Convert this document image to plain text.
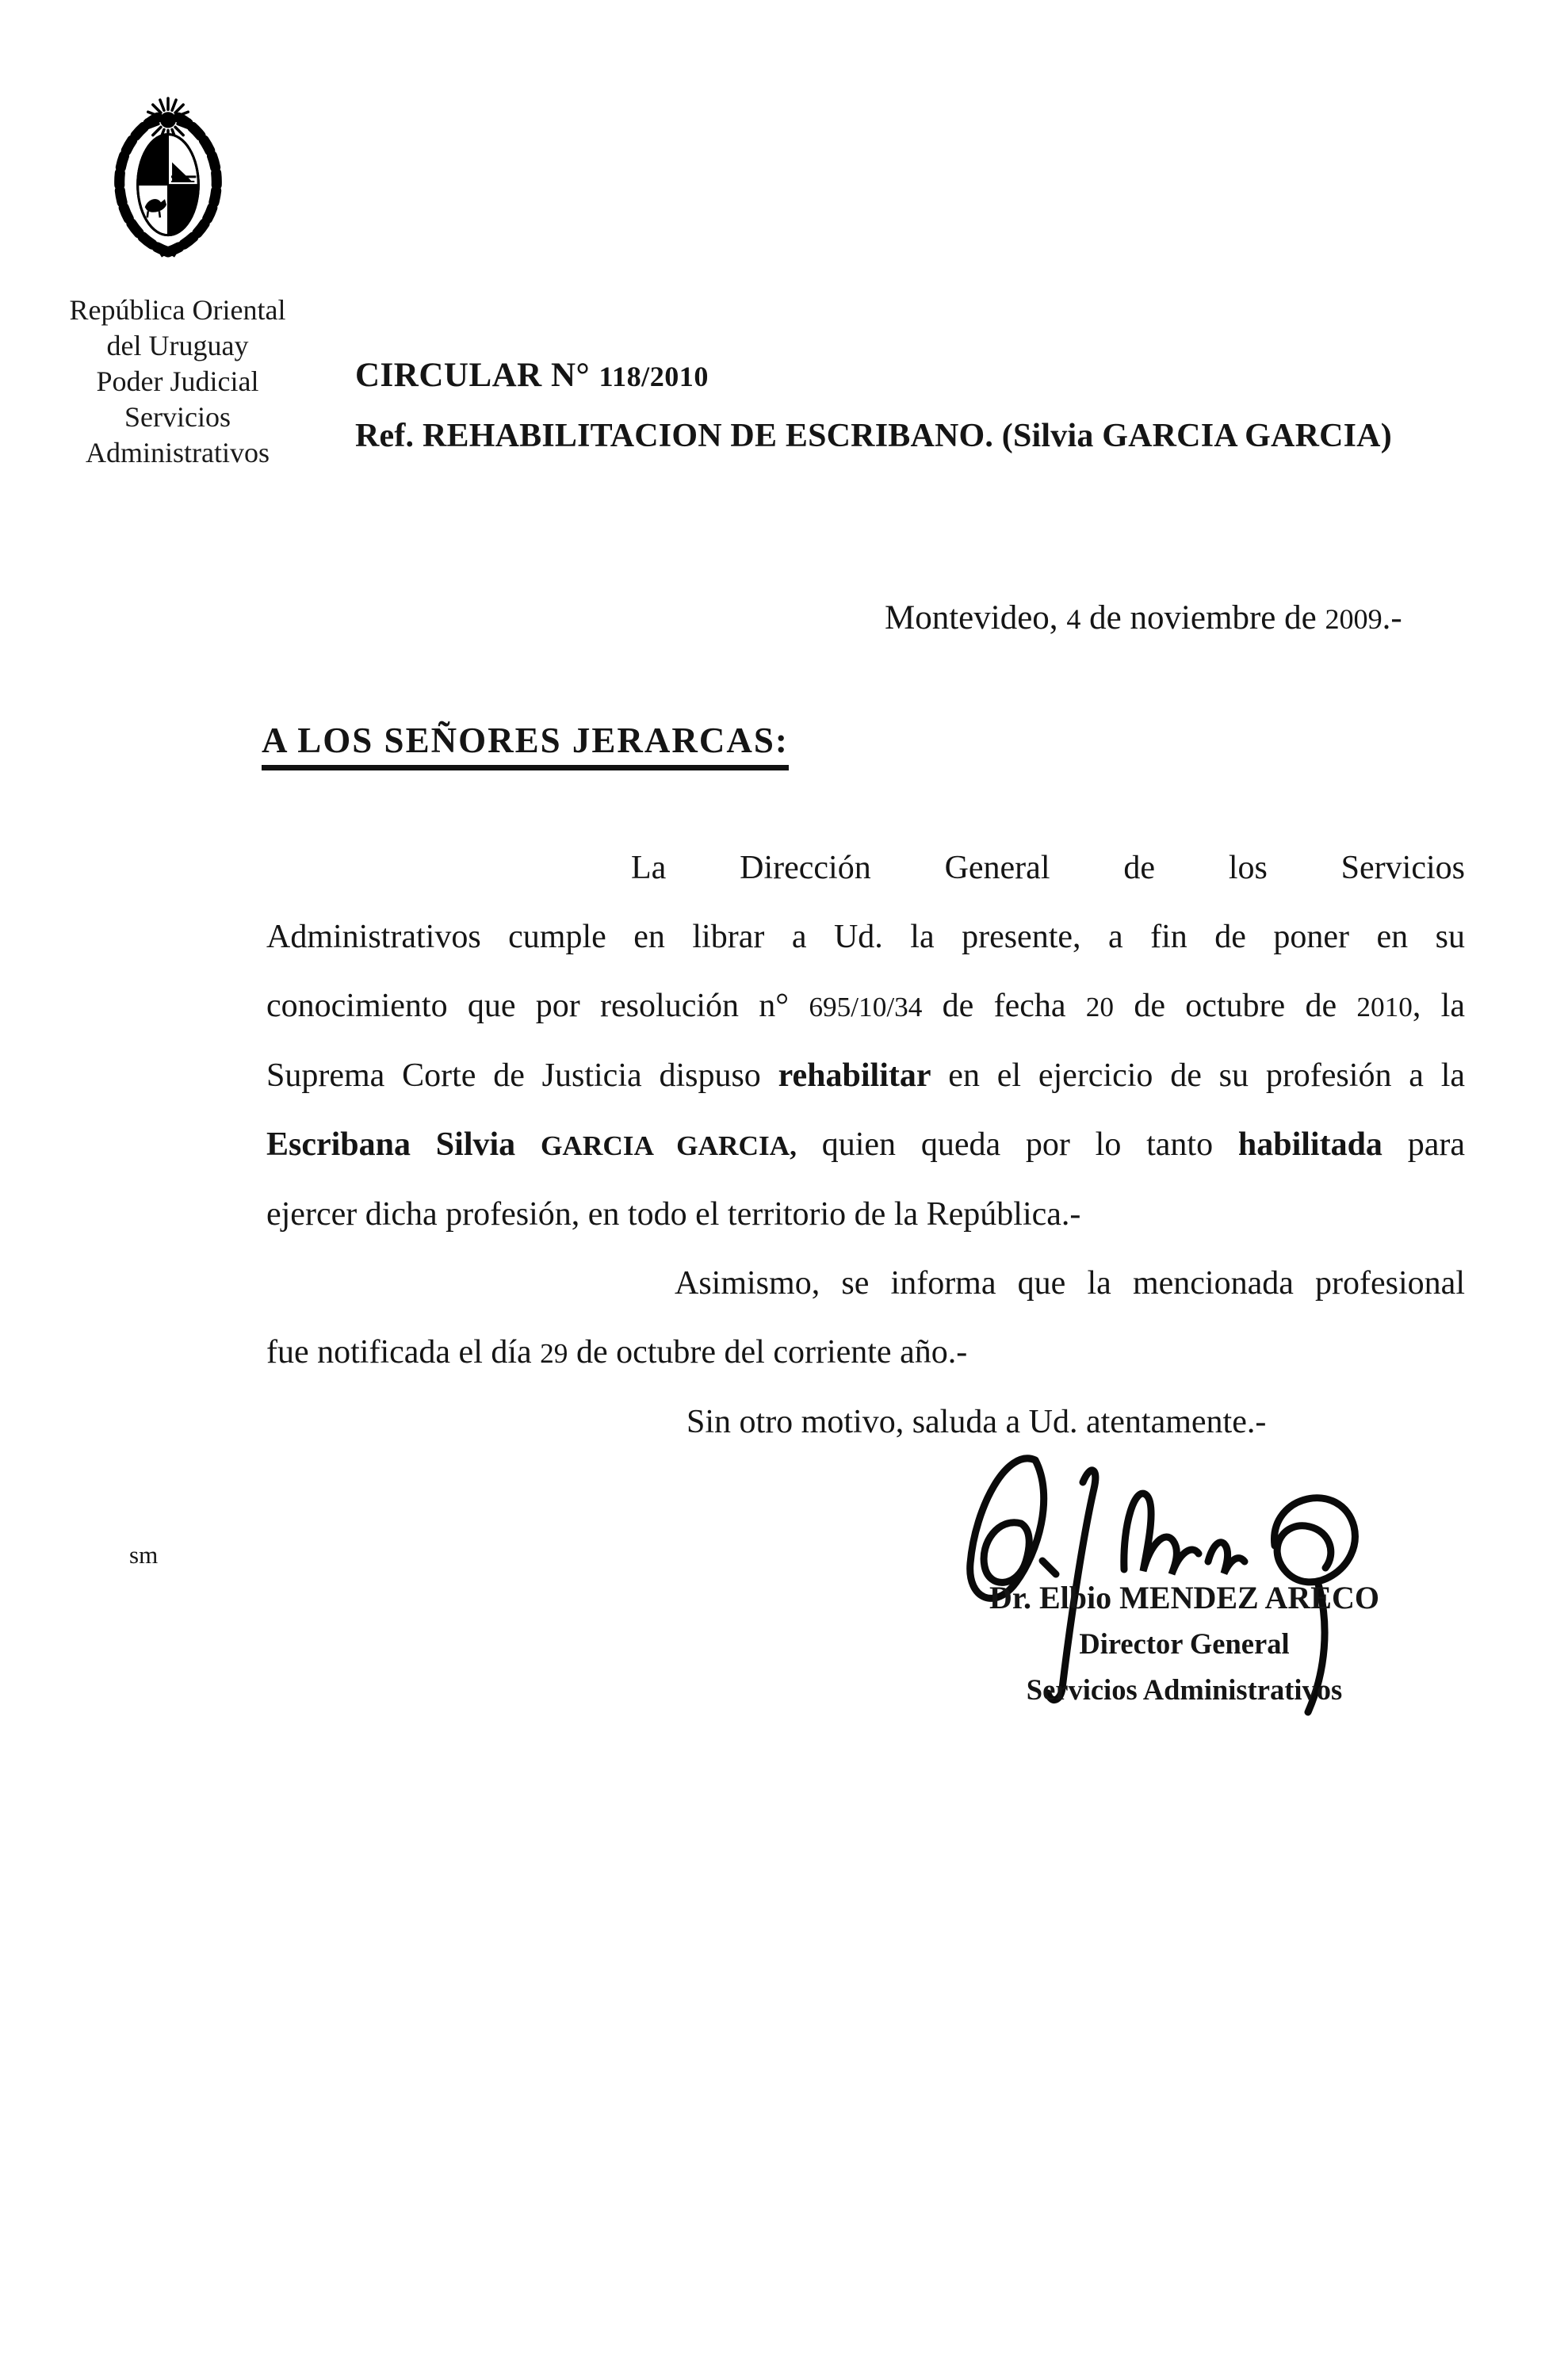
República Oriental
del Uruguay
Poder Judicial
Servicios
Administrativos
CIRCULAR N° 118/2010
Ref. REHABILITACION DE ESCRIBANO. (Silvia GARCIA GARCIA)
Montevideo, 4 de noviembre de 2009.-
A LOS SEÑORES JERARCAS:

La Dirección General de los Servicios
Administrativos cumple en librar a Ud. la presente, a fin de poner en su
conocimiento que por resolución n° 695/10/34 de fecha 20 de octubre de 2010, la
Suprema Corte de Justicia dispuso rehabilitar en el ejercicio de su profesión a la
Escribana Silvia GARCIA GARCIA, quien queda por lo tanto habilitada para
ejercer dicha profesión, en todo el territorio de la República.-

Asimismo, se informa que la mencionada profesional
fue notificada el día 29 de octubre del corriente año.-

Sin otro motivo, saluda a Ud. atentamente.-

sm
Dr. Elbio MENDEZ ARECO
Director General
Servicios Administrativos
